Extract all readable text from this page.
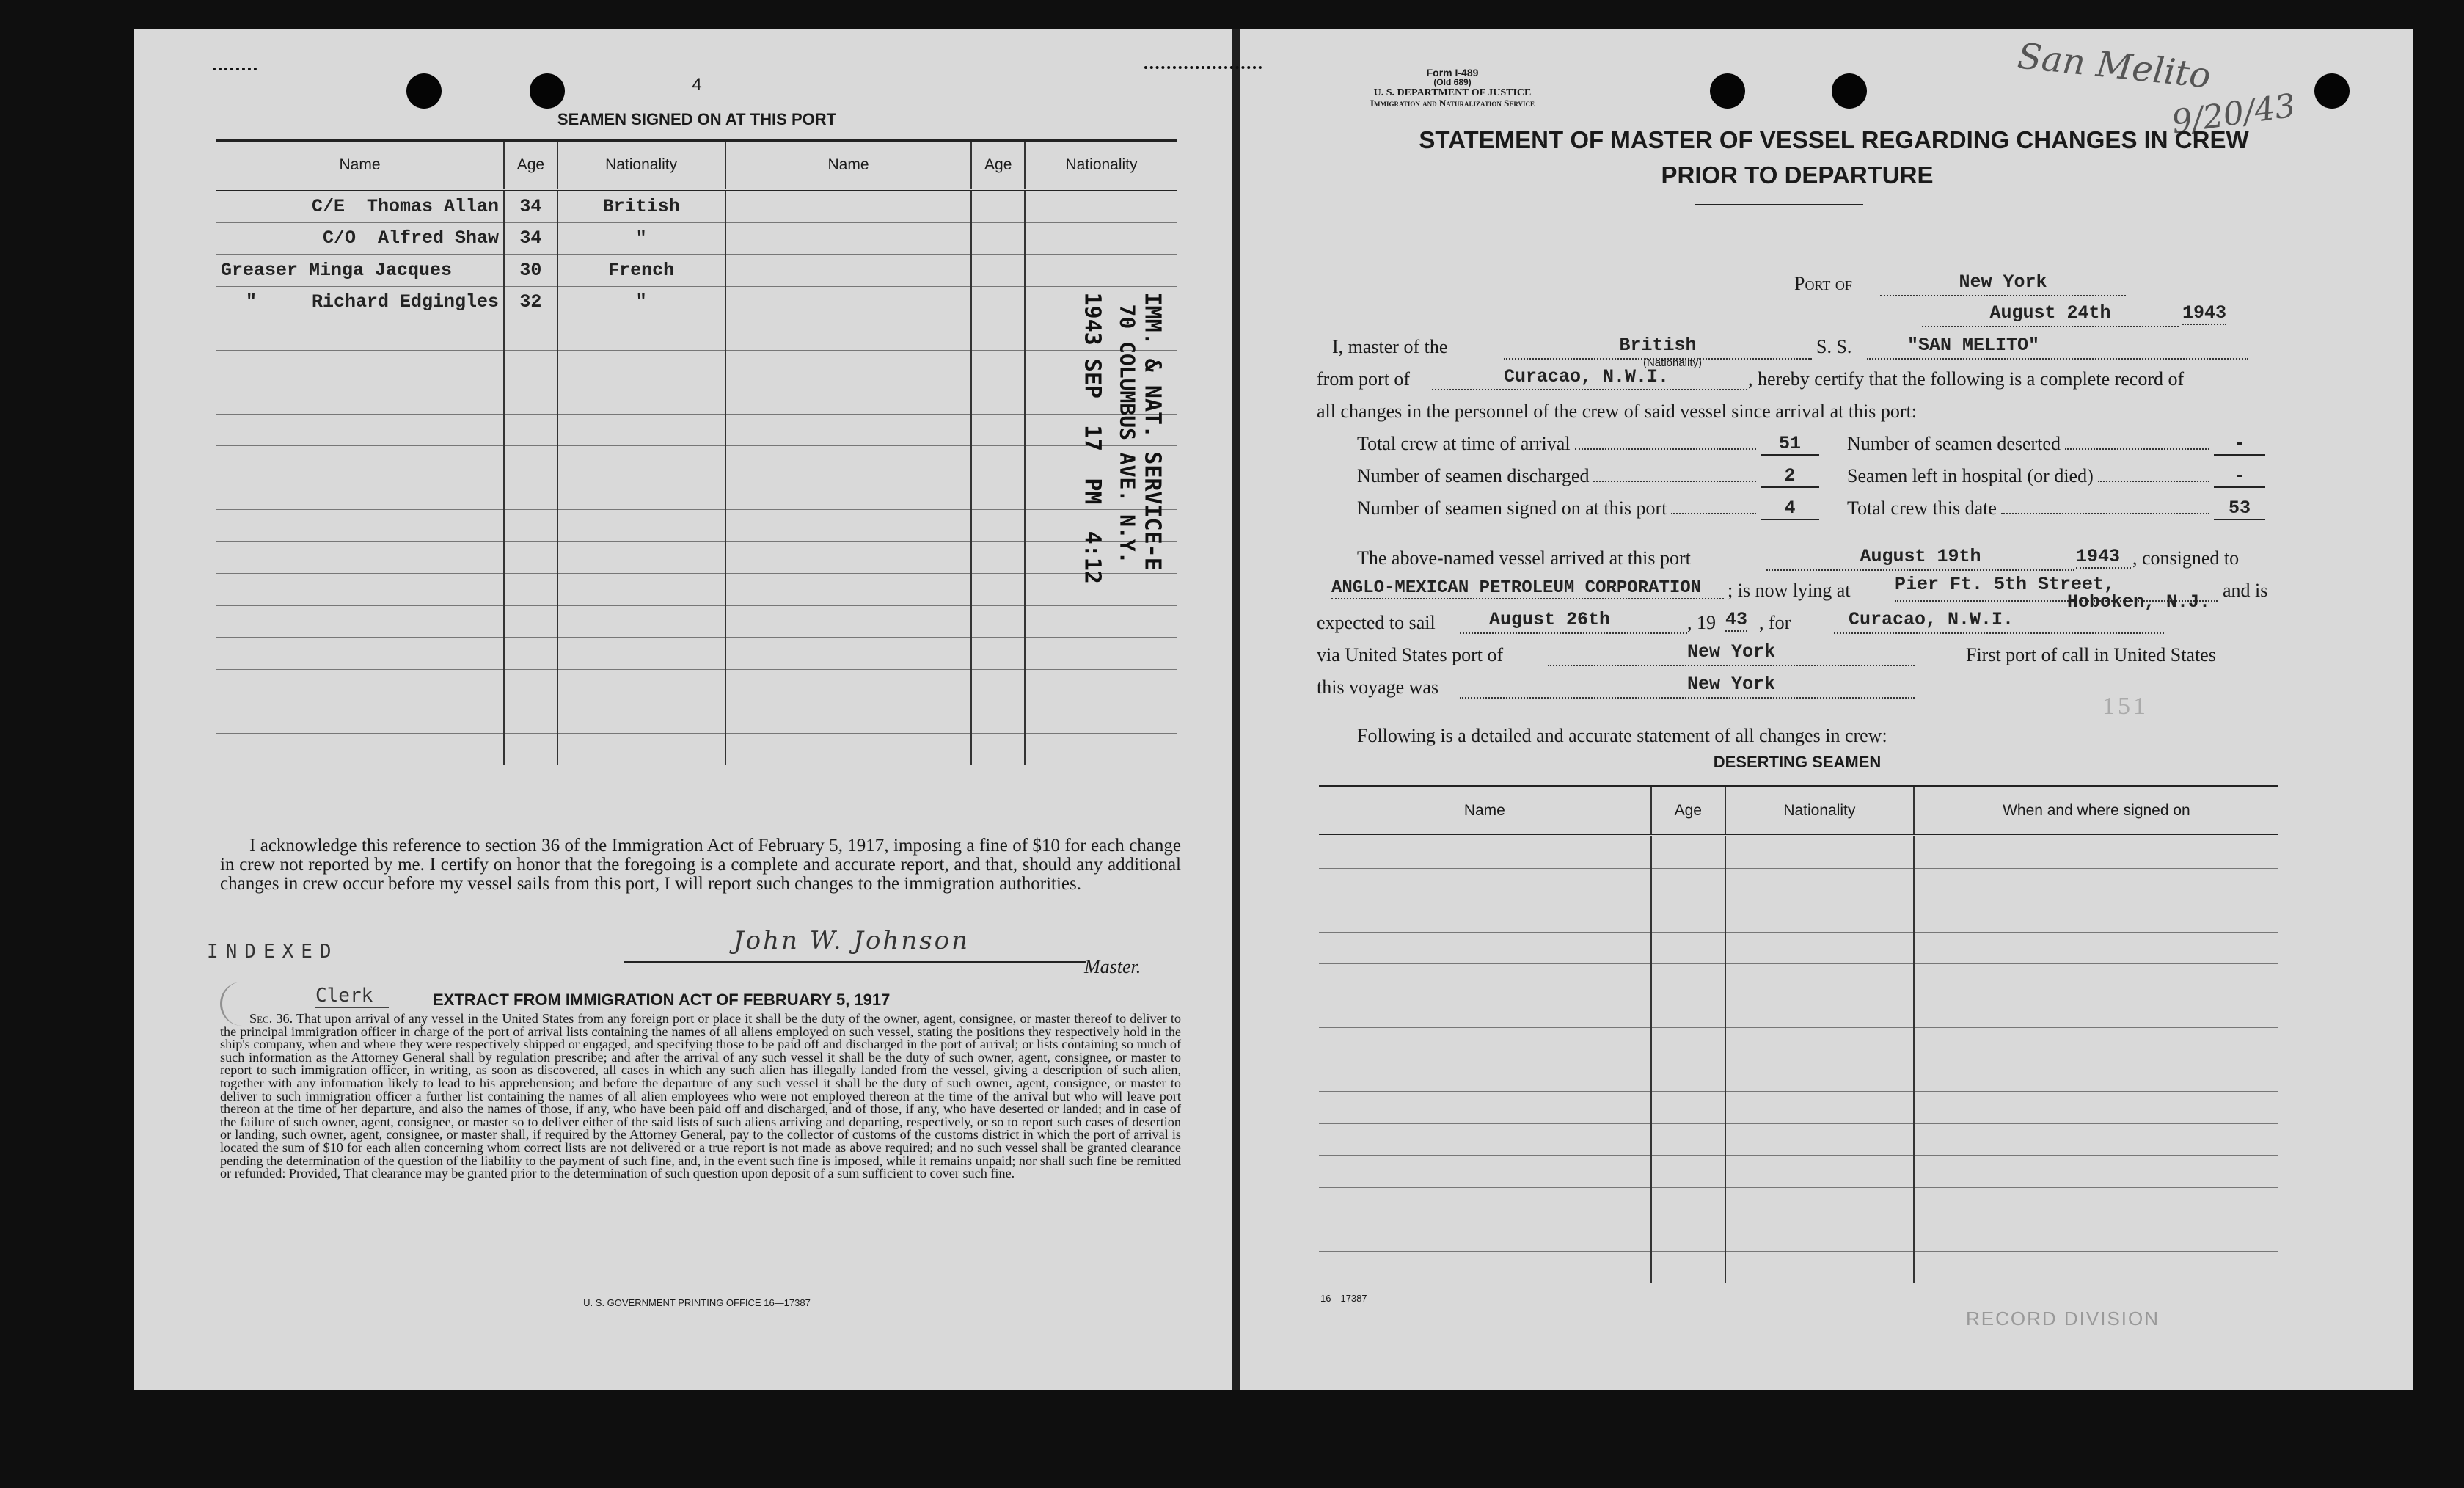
4
SEAMEN SIGNED ON AT THIS PORT
Name	Age	Nationality	Name	Age	Nationality
C/E  Thomas Allan	34	British			
C/O  Alfred Shaw	34	"			
Greaser Minga Jacques	30	French			
"     Richard Edgingles	32	"			

						IMM. & NAT. SERVICE-E
70 COLUMBUS AVE. N.Y.
1943 SEP  17  PM  4:12
I acknowledge this reference to section 36 of the Immigration Act of February 5, 1917, imposing a fine of $10 for each change in crew not reported by me. I certify on honor that the foregoing is a complete and accurate report, and that, should any additional changes in crew occur before my vessel sails from this port, I will report such changes to the immigration authorities.
INDEXED
Clerk
John W. Johnson
Master.
EXTRACT FROM IMMIGRATION ACT OF FEBRUARY 5, 1917
Sec. 36. That upon arrival of any vessel in the United States from any foreign port or place it shall be the duty of the owner, agent, consignee, or master thereof to deliver to the principal immigration officer in charge of the port of arrival lists containing the names of all aliens employed on such vessel, stating the positions they respectively hold in the ship's company, when and where they were respectively shipped or engaged, and specifying those to be paid off and discharged in the port of arrival; or lists containing so much of such information as the Attorney General shall by regulation prescribe; and after the arrival of any such vessel it shall be the duty of such owner, agent, consignee, or master to report to such immigration officer, in writing, as soon as discovered, all cases in which any such alien has illegally landed from the vessel, giving a description of such alien, together with any information likely to lead to his apprehension; and before the departure of any such vessel it shall be the duty of such owner, agent, consignee, or master to deliver to such immigration officer a further list containing the names of all alien employees who were not employed thereon at the time of the arrival but who will leave port thereon at the time of her departure, and also the names of those, if any, who have been paid off and discharged, and of those, if any, who have deserted or landed; and in case of the failure of such owner, agent, consignee, or master so to deliver either of the said lists of such aliens arriving and departing, respectively, or so to report such cases of desertion or landing, such owner, agent, consignee, or master shall, if required by the Attorney General, pay to the collector of customs of the customs district in which the port of arrival is located the sum of $10 for each alien concerning whom correct lists are not delivered or a true report is not made as above required; and no such vessel shall be granted clearance pending the determination of the question of the liability to the payment of such fine, and, in the event such fine is imposed, while it remains unpaid; nor shall such fine be remitted or refunded: Provided, That clearance may be granted prior to the determination of such question upon deposit of a sum sufficient to cover such fine.
U. S. GOVERNMENT PRINTING OFFICE 16—17387
Form I-489
(Old 689)
U. S. DEPARTMENT OF JUSTICE
Immigration and Naturalization Service
San Melito
9/20/43
STATEMENT OF MASTER OF VESSEL REGARDING CHANGES IN CREW
PRIOR TO DEPARTURE
Port of	New York
August 24th	1943
I, master of the	British
(Nationality)
S. S.	"SAN MELITO"
from port of	Curacao, N.W.I.	, hereby certify that the following is a complete record of
all changes in the personnel of the crew of said vessel since arrival at this port:
Total crew at time of arrival	51
Number of seamen discharged	2
Number of seamen signed on at this port	4
Number of seamen deserted	-
Seamen left in hospital (or died)	-
Total crew this date	53
The above-named vessel arrived at this port	August 19th	1943 , consigned to
ANGLO-MEXICAN PETROLEUM CORPORATION	; is now lying at Pier Ft. 5th Street,
Hoboken, N.J.
and is
expected to sail	August 26th	, 19 43 , for	Curacao, N.W.I.
via United States port of	New York	First port of call in United States
this voyage was	New York
151
Following is a detailed and accurate statement of all changes in crew:
DESERTING SEAMEN
Name	Age	Nationality	When and where signed on

16—17387
RECORD DIVISION
